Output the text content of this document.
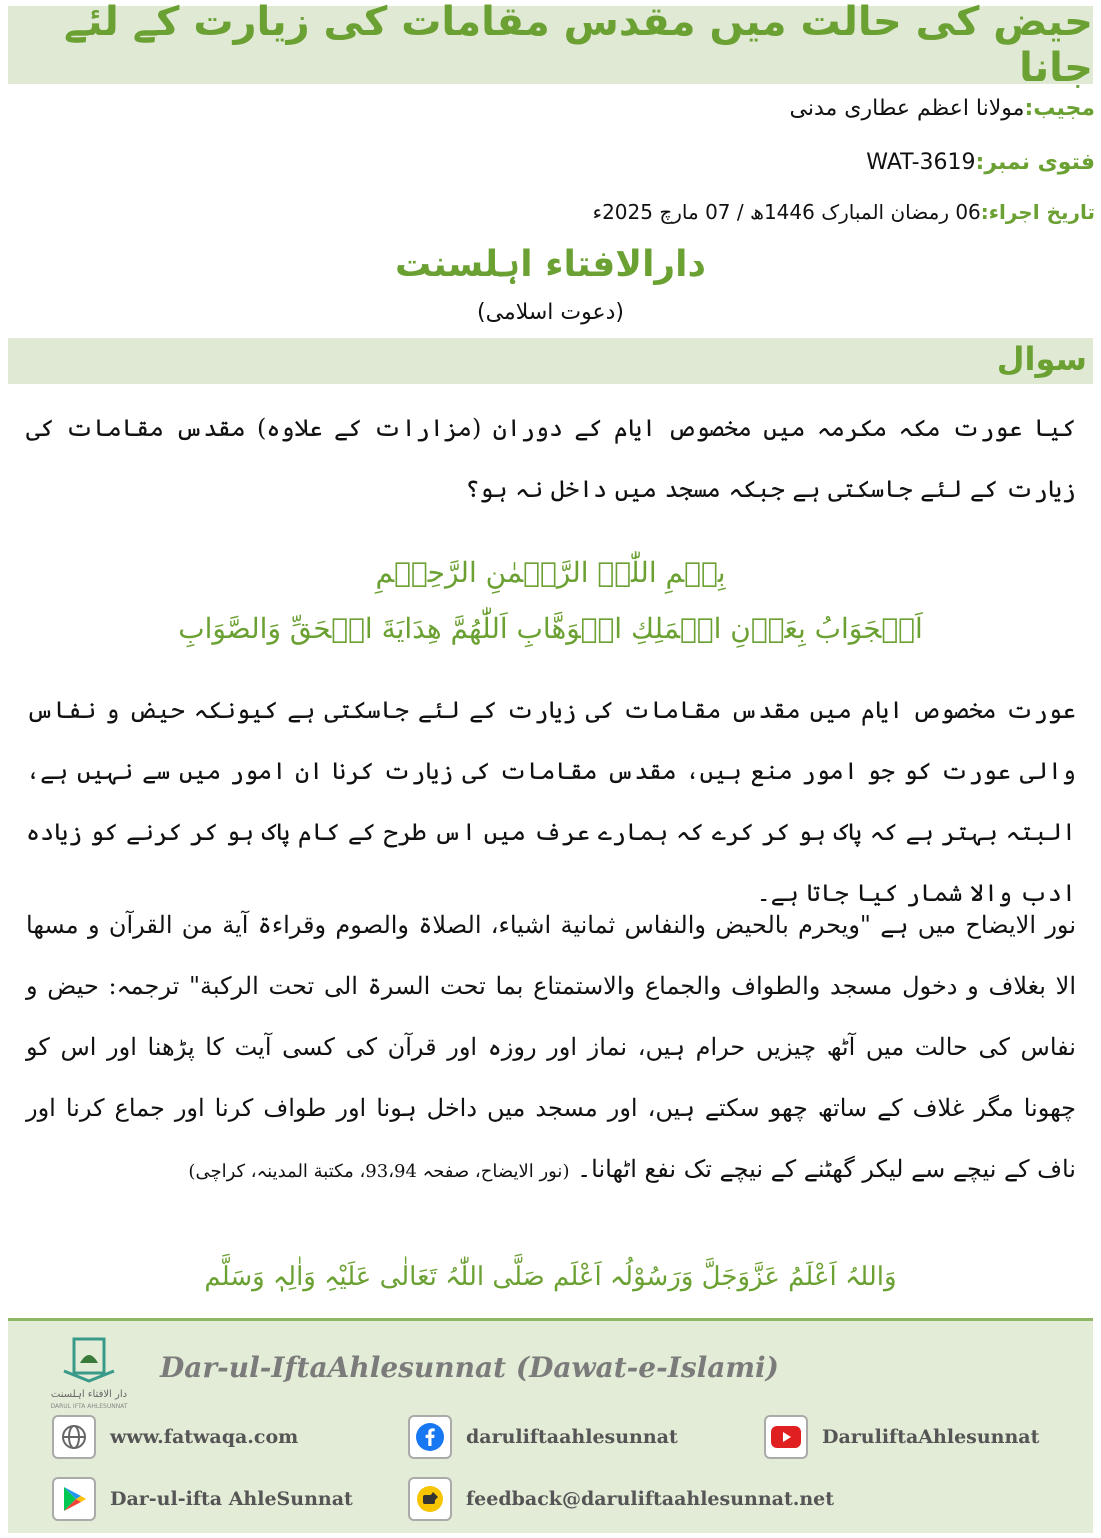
حیض کی حالت میں مقدس مقامات کی زیارت کے لئے جانا
مجیب:مولانا اعظم عطاری مدنی
فتوی نمبر:WAT-3619
تاریخ اجراء:06 رمضان المبارک 1446ھ / 07 مارچ 2025ء
دارالافتاء اہلسنت
(دعوت اسلامی)
سوال
کیا عورت مکہ مکرمہ میں مخصوص ایام کے دوران (مزارات کے علاوہ) مقدس مقامات کی زیارت کے لئے جاسکتی ہے جبکہ مسجد میں داخل نہ ہو؟
بِسۡمِ اللّٰہِ الرَّحۡمٰنِ الرَّحِیۡمِ
اَلۡجَوَابُ بِعَوۡنِ الۡمَلِكِ الۡوَهَّابِ اَللّٰهُمَّ هِدَايَةَ الۡحَقِّ وَالصَّوَابِ
عورت مخصوص ایام میں مقدس مقامات کی زیارت کے لئے جاسکتی ہے کیونکہ حیض و نفاس والی عورت کو جو امور منع ہیں، مقدس مقامات کی زیارت کرنا ان امور میں سے نہیں ہے، البتہ بہتر ہے کہ پاک ہو کر کرے کہ ہمارے عرف میں اس طرح کے کام پاک ہو کر کرنے کو زیادہ ادب والا شمار کیا جاتا ہے۔
نور الایضاح میں ہے "ویحرم بالحیض والنفاس ثمانیة اشیاء، الصلاۃ والصوم وقراءۃ آیة من القرآن و مسها الا بغلاف و دخول مسجد والطواف والجماع والاستمتاع بما تحت السرۃ الی تحت الرکبة" ترجمہ: حیض و نفاس کی حالت میں آٹھ چیزیں حرام ہیں، نماز اور روزہ اور قرآن کی کسی آیت کا پڑھنا اور اس کو چھونا مگر غلاف کے ساتھ چھو سکتے ہیں، اور مسجد میں داخل ہونا اور طواف کرنا اور جماع کرنا اور ناف کے نیچے سے لیکر گھٹنے کے نیچے تک نفع اٹھانا۔ (نور الایضاح، صفحہ 93،94، مکتبة المدینہ، کراچی)
وَاللہُ اَعْلَمُ عَزَّوَجَلَّ وَرَسُوْلُہ اَعْلَم صَلَّی اللّٰہُ تَعَالٰی عَلَیْہِ وَاٰلِہٖ وَسَلَّم
دار الافتاء اہلسنت
DARUL IFTA AHLESUNNAT
Dar-ul-IftaAhlesunnat (Dawat-e-Islami)
www.fatwaqa.com	daruliftaahlesunnat	DaruliftaAhlesunnat
Dar-ul-ifta AhleSunnat	feedback@daruliftaahlesunnat.net
